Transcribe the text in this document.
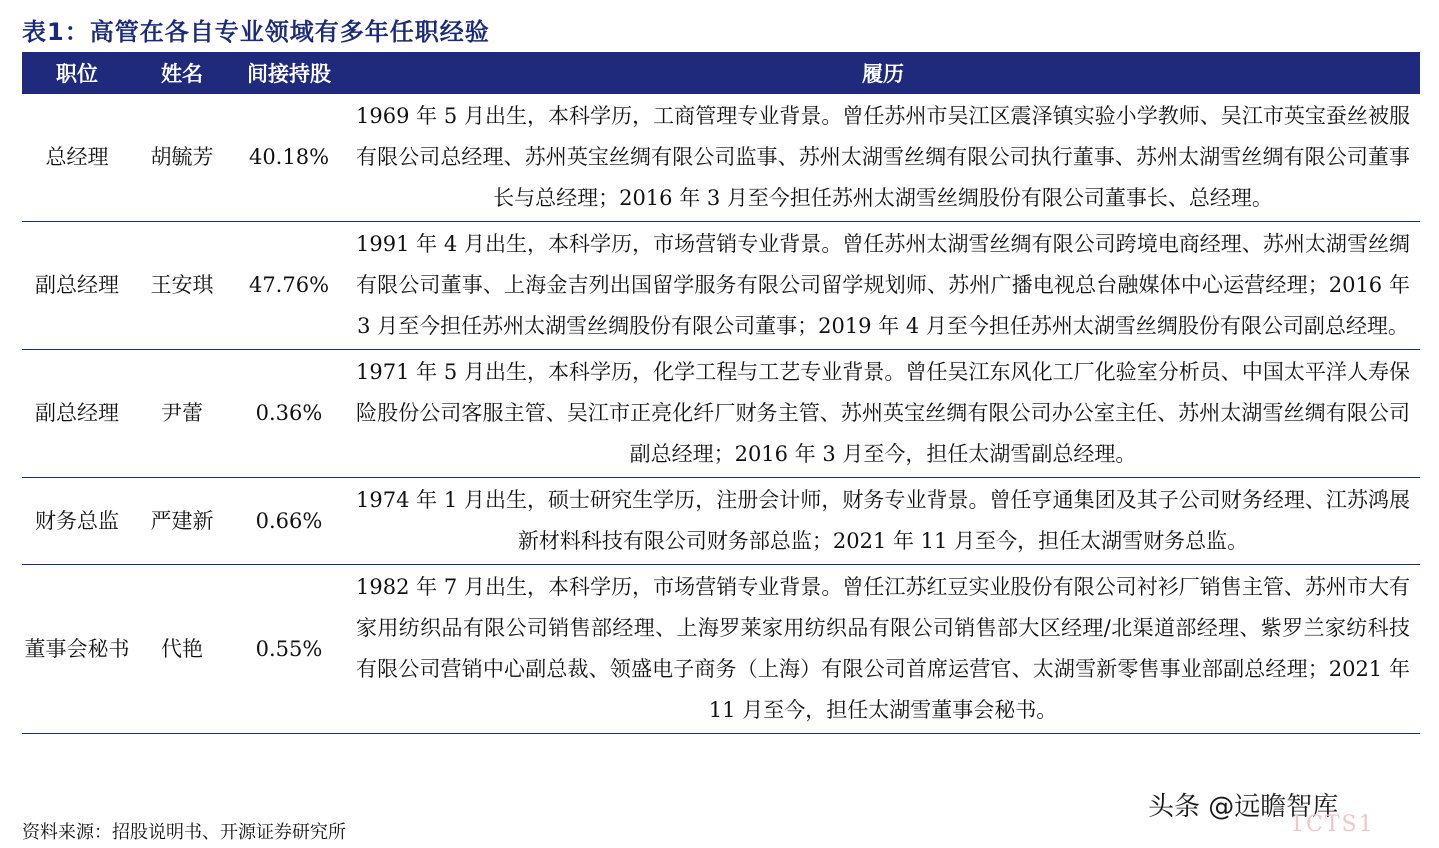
表1：高管在各自专业领域有多年任职经验
职位	姓名	间接持股	履历
总经理	胡毓芳	40.18%	1969 年 5 月出生，本科学历，工商管理专业背景。曾任苏州市吴江区震泽镇实验小学教师、吴江市英宝蚕丝被服有限公司总经理、苏州英宝丝绸有限公司监事、苏州太湖雪丝绸有限公司执行董事、苏州太湖雪丝绸有限公司董事长与总经理；2016 年 3 月至今担任苏州太湖雪丝绸股份有限公司董事长、总经理。
副总经理	王安琪	47.76%	1991 年 4 月出生，本科学历，市场营销专业背景。曾任苏州太湖雪丝绸有限公司跨境电商经理、苏州太湖雪丝绸有限公司董事、上海金吉列出国留学服务有限公司留学规划师、苏州广播电视总台融媒体中心运营经理；2016 年 3 月至今担任苏州太湖雪丝绸股份有限公司董事；2019 年 4 月至今担任苏州太湖雪丝绸股份有限公司副总经理。
副总经理	尹蕾	0.36%	1971 年 5 月出生，本科学历，化学工程与工艺专业背景。曾任吴江东风化工厂化验室分析员、中国太平洋人寿保险股份公司客服主管、吴江市正亮化纤厂财务主管、苏州英宝丝绸有限公司办公室主任、苏州太湖雪丝绸有限公司副总经理；2016 年 3 月至今，担任太湖雪副总经理。
财务总监	严建新	0.66%	1974 年 1 月出生，硕士研究生学历，注册会计师，财务专业背景。曾任亨通集团及其子公司财务经理、江苏鸿展新材料科技有限公司财务部总监；2021 年 11 月至今，担任太湖雪财务总监。
董事会秘书	代艳	0.55%	1982 年 7 月出生，本科学历，市场营销专业背景。曾任江苏红豆实业股份有限公司衬衫厂销售主管、苏州市大有家用纺织品有限公司销售部经理、上海罗莱家用纺织品有限公司销售部大区经理/北渠道部经理、紫罗兰家纺科技有限公司营销中心副总裁、领盛电子商务（上海）有限公司首席运营官、太湖雪新零售事业部副总经理；2021 年 11 月至今，担任太湖雪董事会秘书。
资料来源：招股说明书、开源证券研究所
头条 @远瞻智库
1CTS1
